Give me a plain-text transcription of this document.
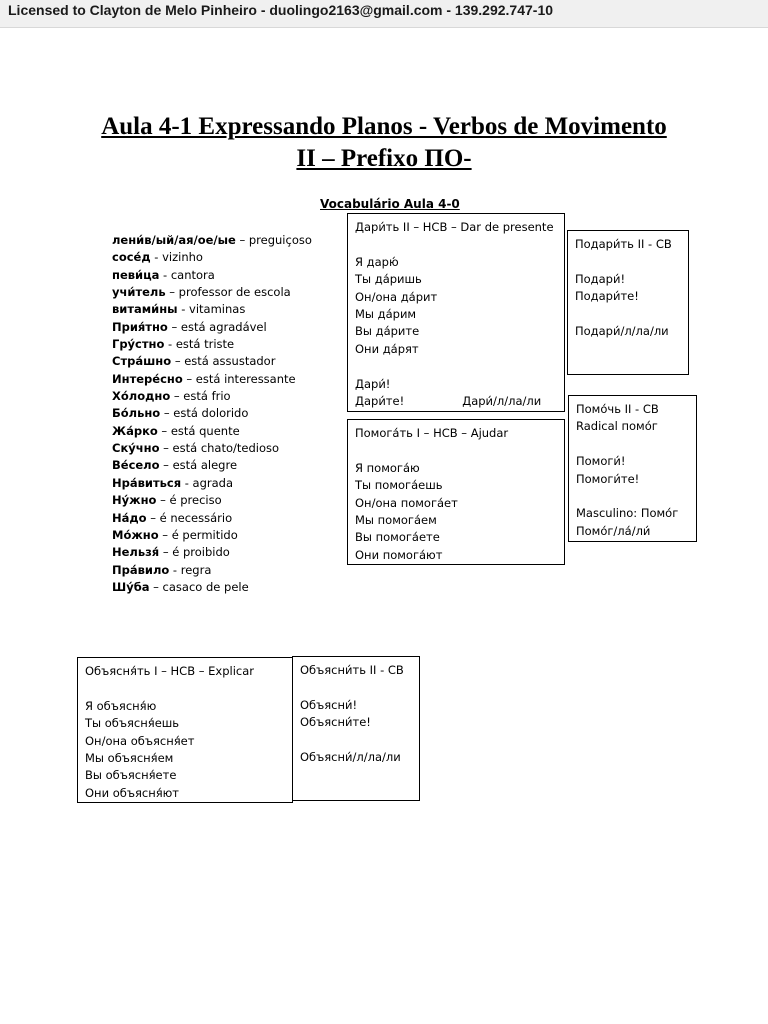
Licensed to Clayton de Melo Pinheiro - duolingo2163@gmail.com - 139.292.747-10
Aula 4-1 Expressando Planos - Verbos de Movimento
II – Prefixo ПО-
Vocabulário Aula 4-0
лени́в/ый/ая/ое/ые – preguiçoso
сосе́д - vizinho
певи́ца - cantora
учи́тель – professor de escola
витами́ны - vitaminas
Прия́тно – está agradável
Гру́стно - está triste
Стра́шно – está assustador
Интере́сно – está interessante
Хо́лодно – está frio
Бо́льно – está dolorido
Жа́рко – está quente
Ску́чно – está chato/tedioso
Ве́село – está alegre
Нра́виться - agrada
Ну́жно – é preciso
На́до – é necessário
Мо́жно – é permitido
Нельзя́ – é proibido
Пра́вило - regra
Шу́ба – casaco de pele
Дари́ть II – НСВ – Dar de presente
Я дарю́
Ты да́ришь
Он/она да́рит
Мы да́рим
Вы да́рите
Они да́рят
Дари́!
Дари́те!	Дари́/л/ла/ли
Подари́ть II - СВ
Подари́!
Подари́те!
Подари́/л/ла/ли
Помога́ть I – НСВ – Ajudar
Я помога́ю
Ты помога́ешь
Он/она помога́ет
Мы помога́ем
Вы помога́ете
Они помога́ют
Помо́чь II - СВ
Radical помо́г
Помоги́!
Помоги́те!
Masculino: Помо́г
Помо́г/ла́/ли́
Объясня́ть I – НСВ – Explicar
Я объясня́ю
Ты объясня́ешь
Он/она объясня́ет
Мы объясня́ем
Вы объясня́ете
Они объясня́ют
Объясни́ть II - СВ
Объясни́!
Объясни́те!
Объясни́/л/ла/ли
